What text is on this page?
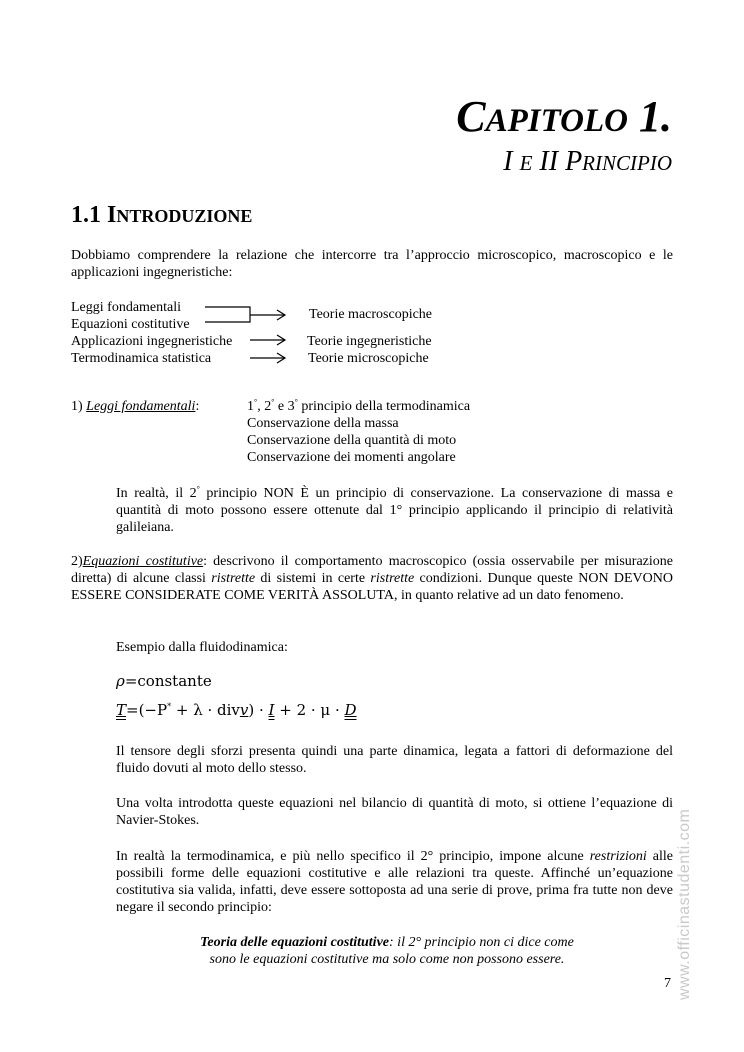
CAPITOLO 1.
I E II PRINCIPIO
1.1 INTRODUZIONE
Dobbiamo comprendere la relazione che intercorre tra l’approccio microscopico, macroscopico e le applicazioni ingegneristiche:
Leggi fondamentali
Equazioni costitutive
Applicazioni ingegneristiche
Termodinamica statistica
Teorie macroscopiche
Teorie ingegneristiche
Teorie microscopiche
1) Leggi fondamentali:	1°, 2° e 3° principio della termodinamica
Conservazione della massa
Conservazione della quantità di moto
Conservazione dei momenti angolare
In realtà, il 2° principio NON È un principio di conservazione. La conservazione di massa e quantità di moto possono essere ottenute dal 1° principio applicando il principio di relatività galileiana.
2)Equazioni costitutive: descrivono il comportamento macroscopico (ossia osservabile per misurazione diretta) di alcune classi ristrette di sistemi in certe ristrette condizioni. Dunque queste NON DEVONO ESSERE CONSIDERATE COME VERITÀ ASSOLUTA, in quanto relative ad un dato fenomeno.
Esempio dalla fluidodinamica:
ρ=constante
T=(−P* + λ · divv) · I + 2 · μ · D
Il tensore degli sforzi presenta quindi una parte dinamica, legata a fattori di deformazione del fluido dovuti al moto dello stesso.
Una volta introdotta queste equazioni nel bilancio di quantità di moto, si ottiene l’equazione di Navier-Stokes.
In realtà la termodinamica, e più nello specifico il 2° principio, impone alcune restrizioni alle possibili forme delle equazioni costitutive e alle relazioni tra queste. Affinché un’equazione costitutiva sia valida, infatti, deve essere sottoposta ad una serie di prove, prima fra tutte non deve negare il secondo principio:
Teoria delle equazioni costitutive: il 2° principio non ci dice come
sono le equazioni costitutive ma solo come non possono essere.
7 www.officinastudenti.com
